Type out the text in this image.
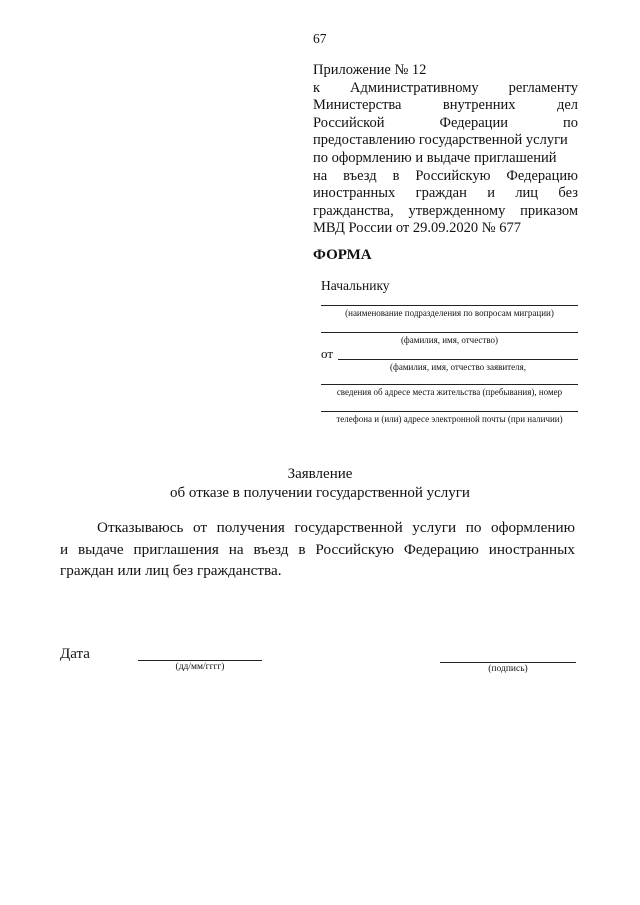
67
Приложение № 12
к Административному регламенту
Министерства	внутренних	дел
Российской	Федерации	по
предоставлению государственной услуги
по оформлению и выдаче приглашений
на въезд в Российскую Федерацию
иностранных граждан и лиц без
гражданства, утвержденному приказом
МВД России от 29.09.2020 № 677
ФОРМА
Начальнику
(наименование подразделения по вопросам миграции)
(фамилия, имя, отчество)
от
(фамилия, имя, отчество заявителя,
сведения об адресе места жительства (пребывания), номер
телефона и (или) адресе электронной почты (при наличии)
Заявление
об отказе в получении государственной услуги
Отказываюсь от получения государственной услуги по оформлению
и выдаче приглашения на въезд в Российскую Федерацию иностранных
граждан или лиц без гражданства.
Дата
(дд/мм/гггг)	(подпись)
